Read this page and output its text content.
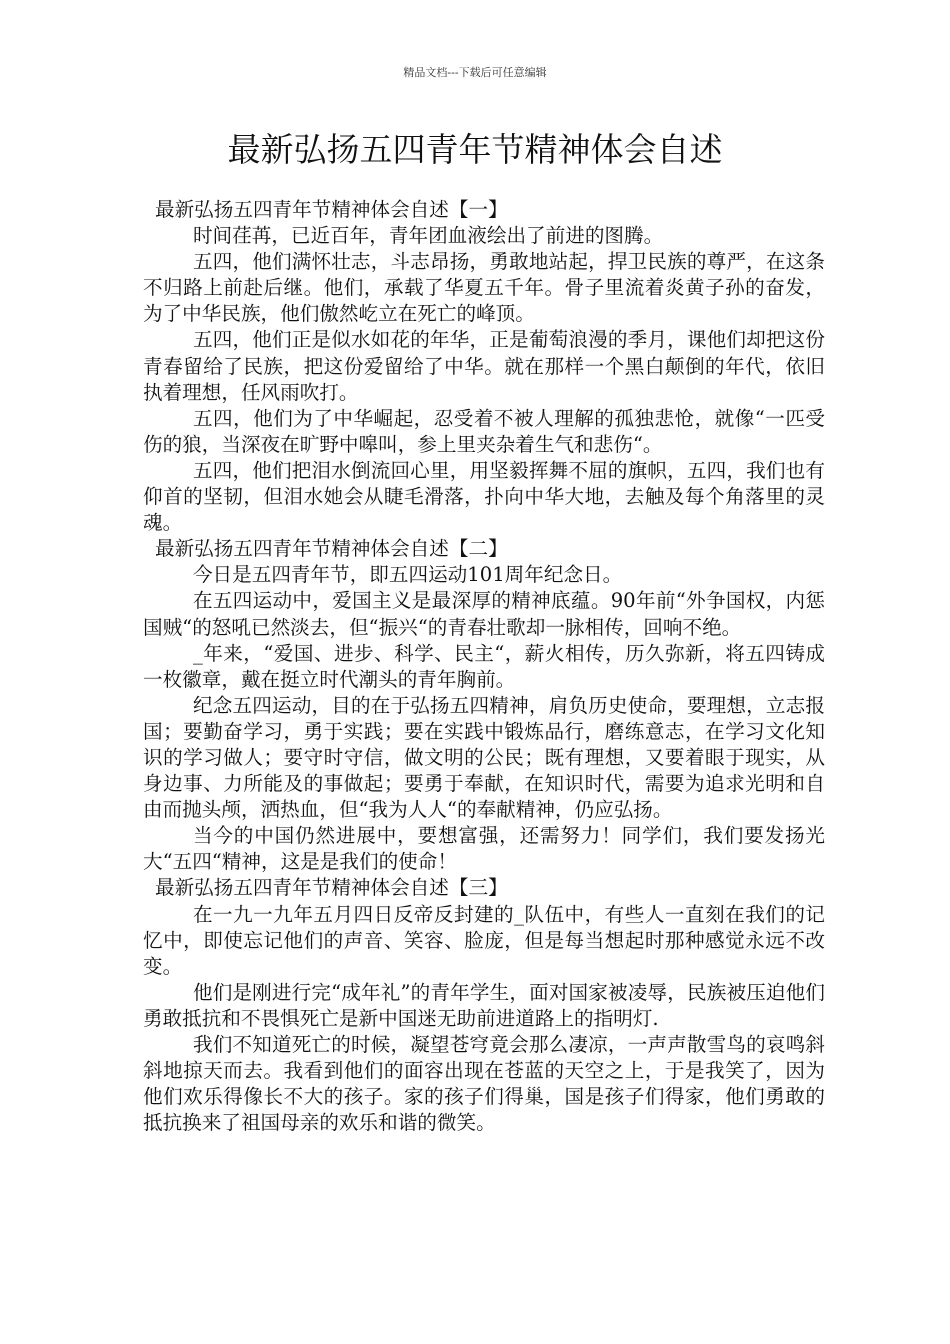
精品文档---下载后可任意编辑
最新弘扬五四青年节精神体会自述
最新弘扬五四青年节精神体会自述【一】

时间荏苒，已近百年，青年团血液绘出了前进的图腾。

五四，他们满怀壮志，斗志昂扬，勇敢地站起，捍卫民族的尊严，在这条不归路上前赴后继。他们，承载了华夏五千年。骨子里流着炎黄子孙的奋发，为了中华民族，他们傲然屹立在死亡的峰顶。

五四，他们正是似水如花的年华，正是葡萄浪漫的季月，课他们却把这份青春留给了民族，把这份爱留给了中华。就在那样一个黑白颠倒的年代，依旧执着理想，任风雨吹打。

五四，他们为了中华崛起，忍受着不被人理解的孤独悲怆，就像“一匹受伤的狼，当深夜在旷野中嗥叫，参上里夹杂着生气和悲伤“。

五四，他们把泪水倒流回心里，用坚毅挥舞不屈的旗帜，五四，我们也有仰首的坚韧，但泪水她会从睫毛滑落，扑向中华大地，去触及每个角落里的灵魂。

最新弘扬五四青年节精神体会自述【二】

今日是五四青年节，即五四运动101周年纪念日。

在五四运动中，爱国主义是最深厚的精神底蕴。90年前“外争国权，内惩国贼“的怒吼已然淡去，但“振兴“的青春壮歌却一脉相传，回响不绝。

_年来，“爱国、进步、科学、民主“，薪火相传，历久弥新，将五四铸成一枚徽章，戴在挺立时代潮头的青年胸前。

纪念五四运动，目的在于弘扬五四精神，肩负历史使命，要理想，立志报国；要勤奋学习，勇于实践；要在实践中锻炼品行，磨练意志，在学习文化知识的学习做人；要守时守信，做文明的公民；既有理想，又要着眼于现实，从身边事、力所能及的事做起；要勇于奉献，在知识时代，需要为追求光明和自由而抛头颅，洒热血，但“我为人人“的奉献精神，仍应弘扬。

当今的中国仍然进展中，要想富强，还需努力！同学们，我们要发扬光大“五四“精神，这是是我们的使命！

最新弘扬五四青年节精神体会自述【三】

在一九一九年五月四日反帝反封建的_队伍中，有些人一直刻在我们的记忆中，即使忘记他们的声音、笑容、脸庞，但是每当想起时那种感觉永远不改变。

他们是刚进行完“成年礼”的青年学生，面对国家被凌辱，民族被压迫他们勇敢抵抗和不畏惧死亡是新中国迷无助前进道路上的指明灯.

我们不知道死亡的时候，凝望苍穹竟会那么凄凉，一声声散雪鸟的哀鸣斜斜地掠天而去。我看到他们的面容出现在苍蓝的天空之上，于是我笑了，因为他们欢乐得像长不大的孩子。家的孩子们得巢，国是孩子们得家，他们勇敢的抵抗换来了祖国母亲的欢乐和谐的微笑。
